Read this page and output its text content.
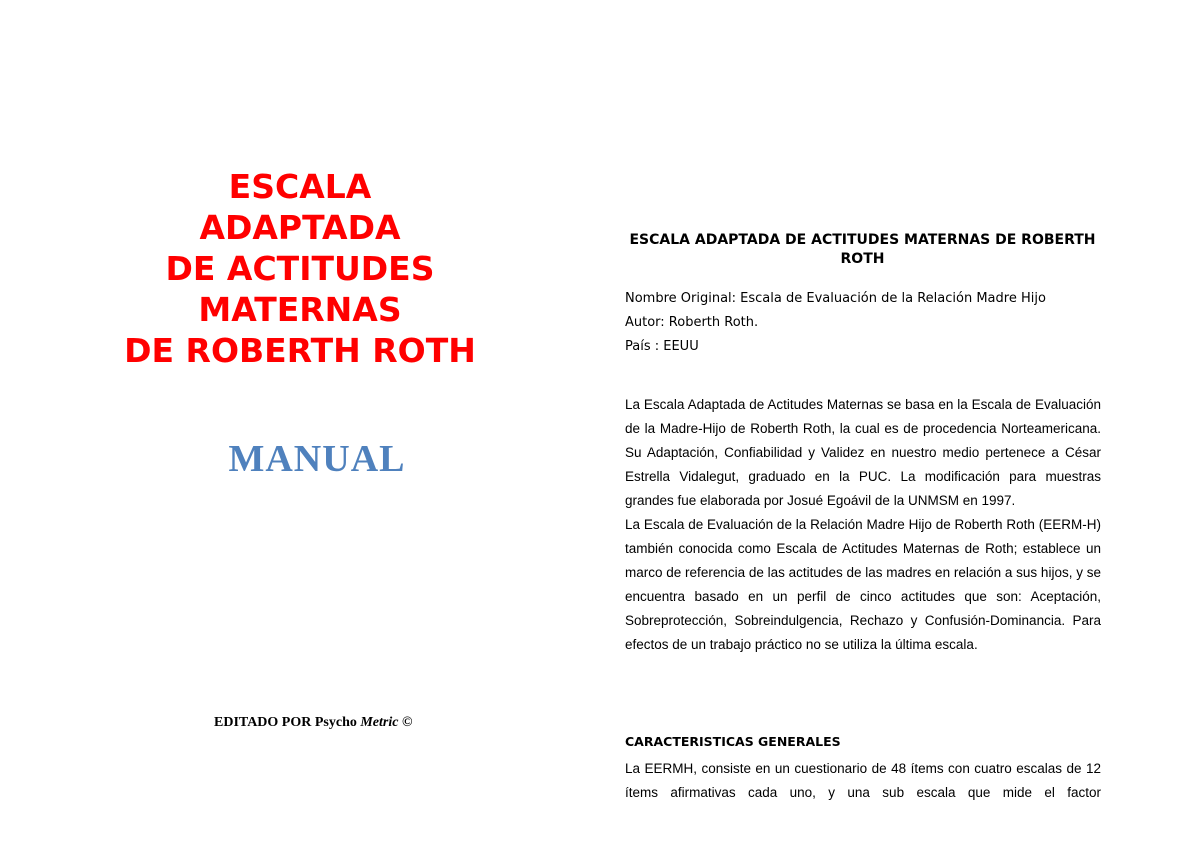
ESCALA
ADAPTADA
DE ACTITUDES
MATERNAS
DE ROBERTH ROTH
MANUAL
EDITADO POR Psycho Metric ©
ESCALA ADAPTADA DE ACTITUDES MATERNAS DE ROBERTH ROTH
Nombre Original: Escala de Evaluación de la Relación Madre Hijo
Autor: Roberth Roth.
País : EEUU

La Escala Adaptada de Actitudes Maternas se basa en la Escala de Evaluación de la Madre-Hijo de Roberth Roth, la cual es de procedencia Norteamericana. Su Adaptación, Confiabilidad y Validez en nuestro medio pertenece a César Estrella Vidalegut, graduado en la PUC. La modificación para muestras grandes fue elaborada por Josué Egoávil de la UNMSM en 1997.

La Escala de Evaluación de la Relación Madre Hijo de Roberth Roth (EERM-H) también conocida como Escala de Actitudes Maternas de Roth; establece un marco de referencia de las actitudes de las madres en relación a sus hijos, y se encuentra basado en un perfil de cinco actitudes que son: Aceptación, Sobreprotección, Sobreindulgencia, Rechazo y Confusión-Dominancia. Para efectos de un trabajo práctico no se utiliza la última escala.

CARACTERISTICAS GENERALES
La EERMH, consiste en un cuestionario de 48 ítems con cuatro escalas de 12 ítems afirmativas cada uno, y una sub escala que mide el factor
